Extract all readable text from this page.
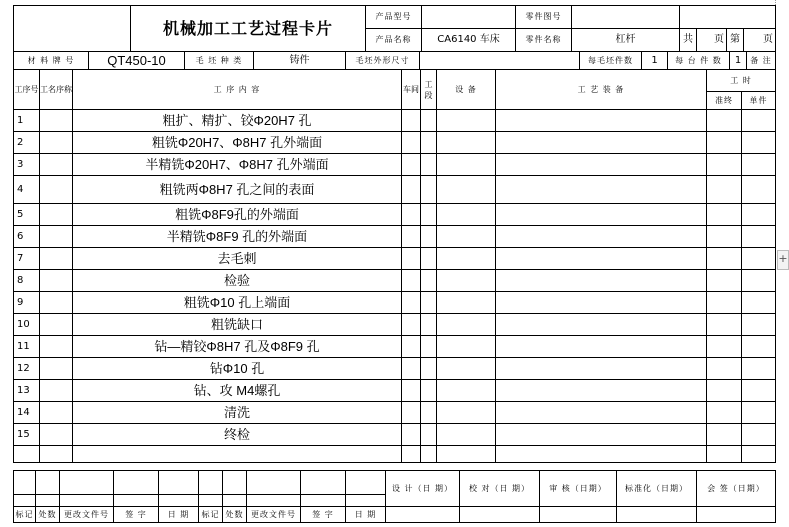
	机械加工工艺过程卡片	产品型号		零件图号					
		产品名称	CA6140 车床	零件名称	杠杆	共	页	第	页
材 料 牌 号	QT450-10	毛 坯 种 类	铸件	毛坯外形尺寸		每毛坯件数	1	每 台 件 数	1	备 注
工序号	工名序称	工 序 内 容	车间	工段	设 备	工 艺 装 备	工 时	
							准终	单件
1		粗扩、精扩、铰Φ20H7 孔						
2		粗铣Φ20H7、Φ8H7 孔外端面						
3		半精铣Φ20H7、Φ8H7 孔外端面						
4		粗铣两Φ8H7 孔之间的表面						
5		粗铣Φ8F9孔的外端面						
6		半精铣Φ8F9 孔的外端面						
7		去毛刺						
8		检验						
9		粗铣Φ10 孔上端面						
10		粗铣缺口						
11		钻—精铰Φ8H7 孔及Φ8F9 孔						
12		钻Φ10 孔						
13		钻、攻 M4螺孔						
14		清洗						
15		终检						

										设 计（日 期）	校 对（日 期）	审 核（日期）	标准化（日期）	会 签（日期）

标记	处数	更改文件号	签 字	日 期	标记	处数	更改文件号	签 字	日 期					
+
